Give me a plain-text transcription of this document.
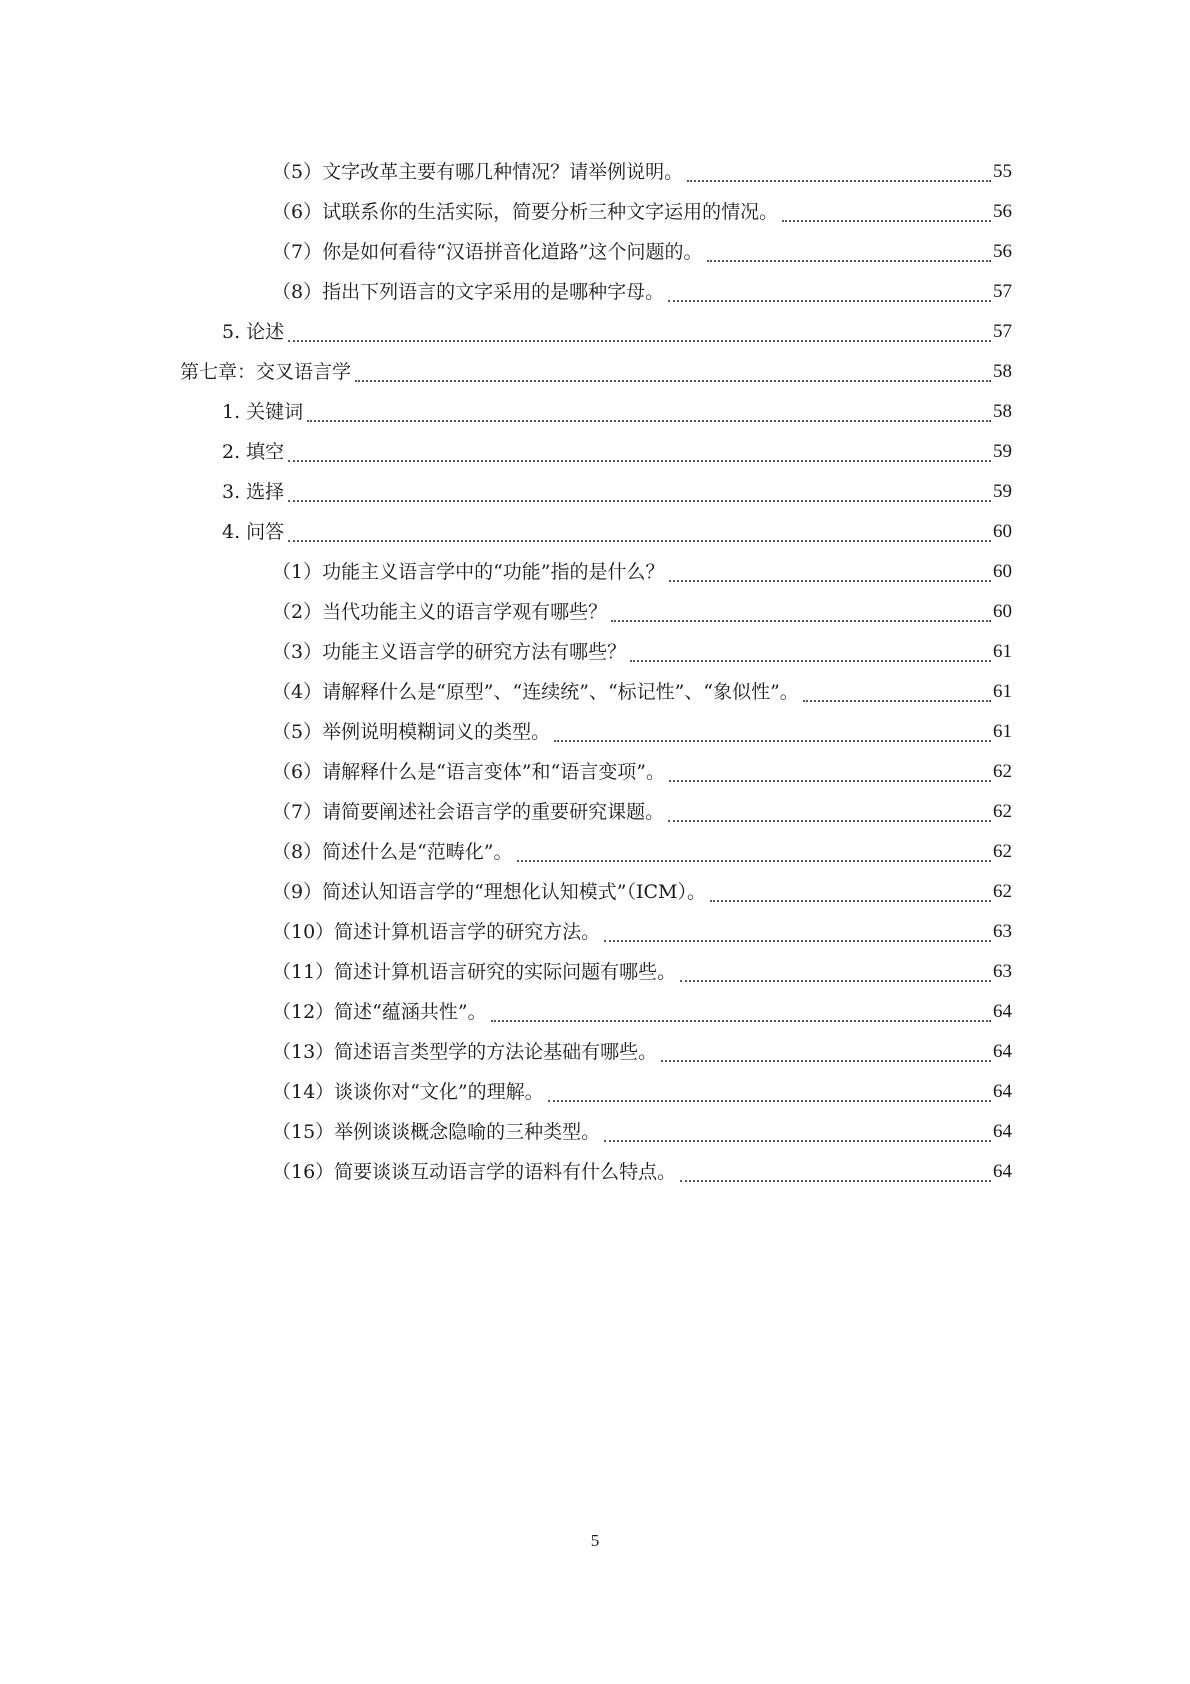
（5）文字改革主要有哪几种情况？请举例说明。	55
（6）试联系你的生活实际，简要分析三种文字运用的情况。	56
（7）你是如何看待“汉语拼音化道路”这个问题的。	56
（8）指出下列语言的文字采用的是哪种字母。	57
5. 论述	57
第七章：交叉语言学	58
1. 关键词	58
2. 填空	59
3. 选择	59
4. 问答	60
（1）功能主义语言学中的“功能”指的是什么？	60
（2）当代功能主义的语言学观有哪些？	60
（3）功能主义语言学的研究方法有哪些？	61
（4）请解释什么是“原型”、“连续统”、“标记性”、“象似性”。	61
（5）举例说明模糊词义的类型。	61
（6）请解释什么是“语言变体”和“语言变项”。	62
（7）请简要阐述社会语言学的重要研究课题。	62
（8）简述什么是“范畴化”。	62
（9）简述认知语言学的“理想化认知模式”（ICM）。	62
（10）简述计算机语言学的研究方法。	63
（11）简述计算机语言研究的实际问题有哪些。	63
（12）简述“蕴涵共性”。	64
（13）简述语言类型学的方法论基础有哪些。	64
（14）谈谈你对“文化”的理解。	64
（15）举例谈谈概念隐喻的三种类型。	64
（16）简要谈谈互动语言学的语料有什么特点。	64
5
